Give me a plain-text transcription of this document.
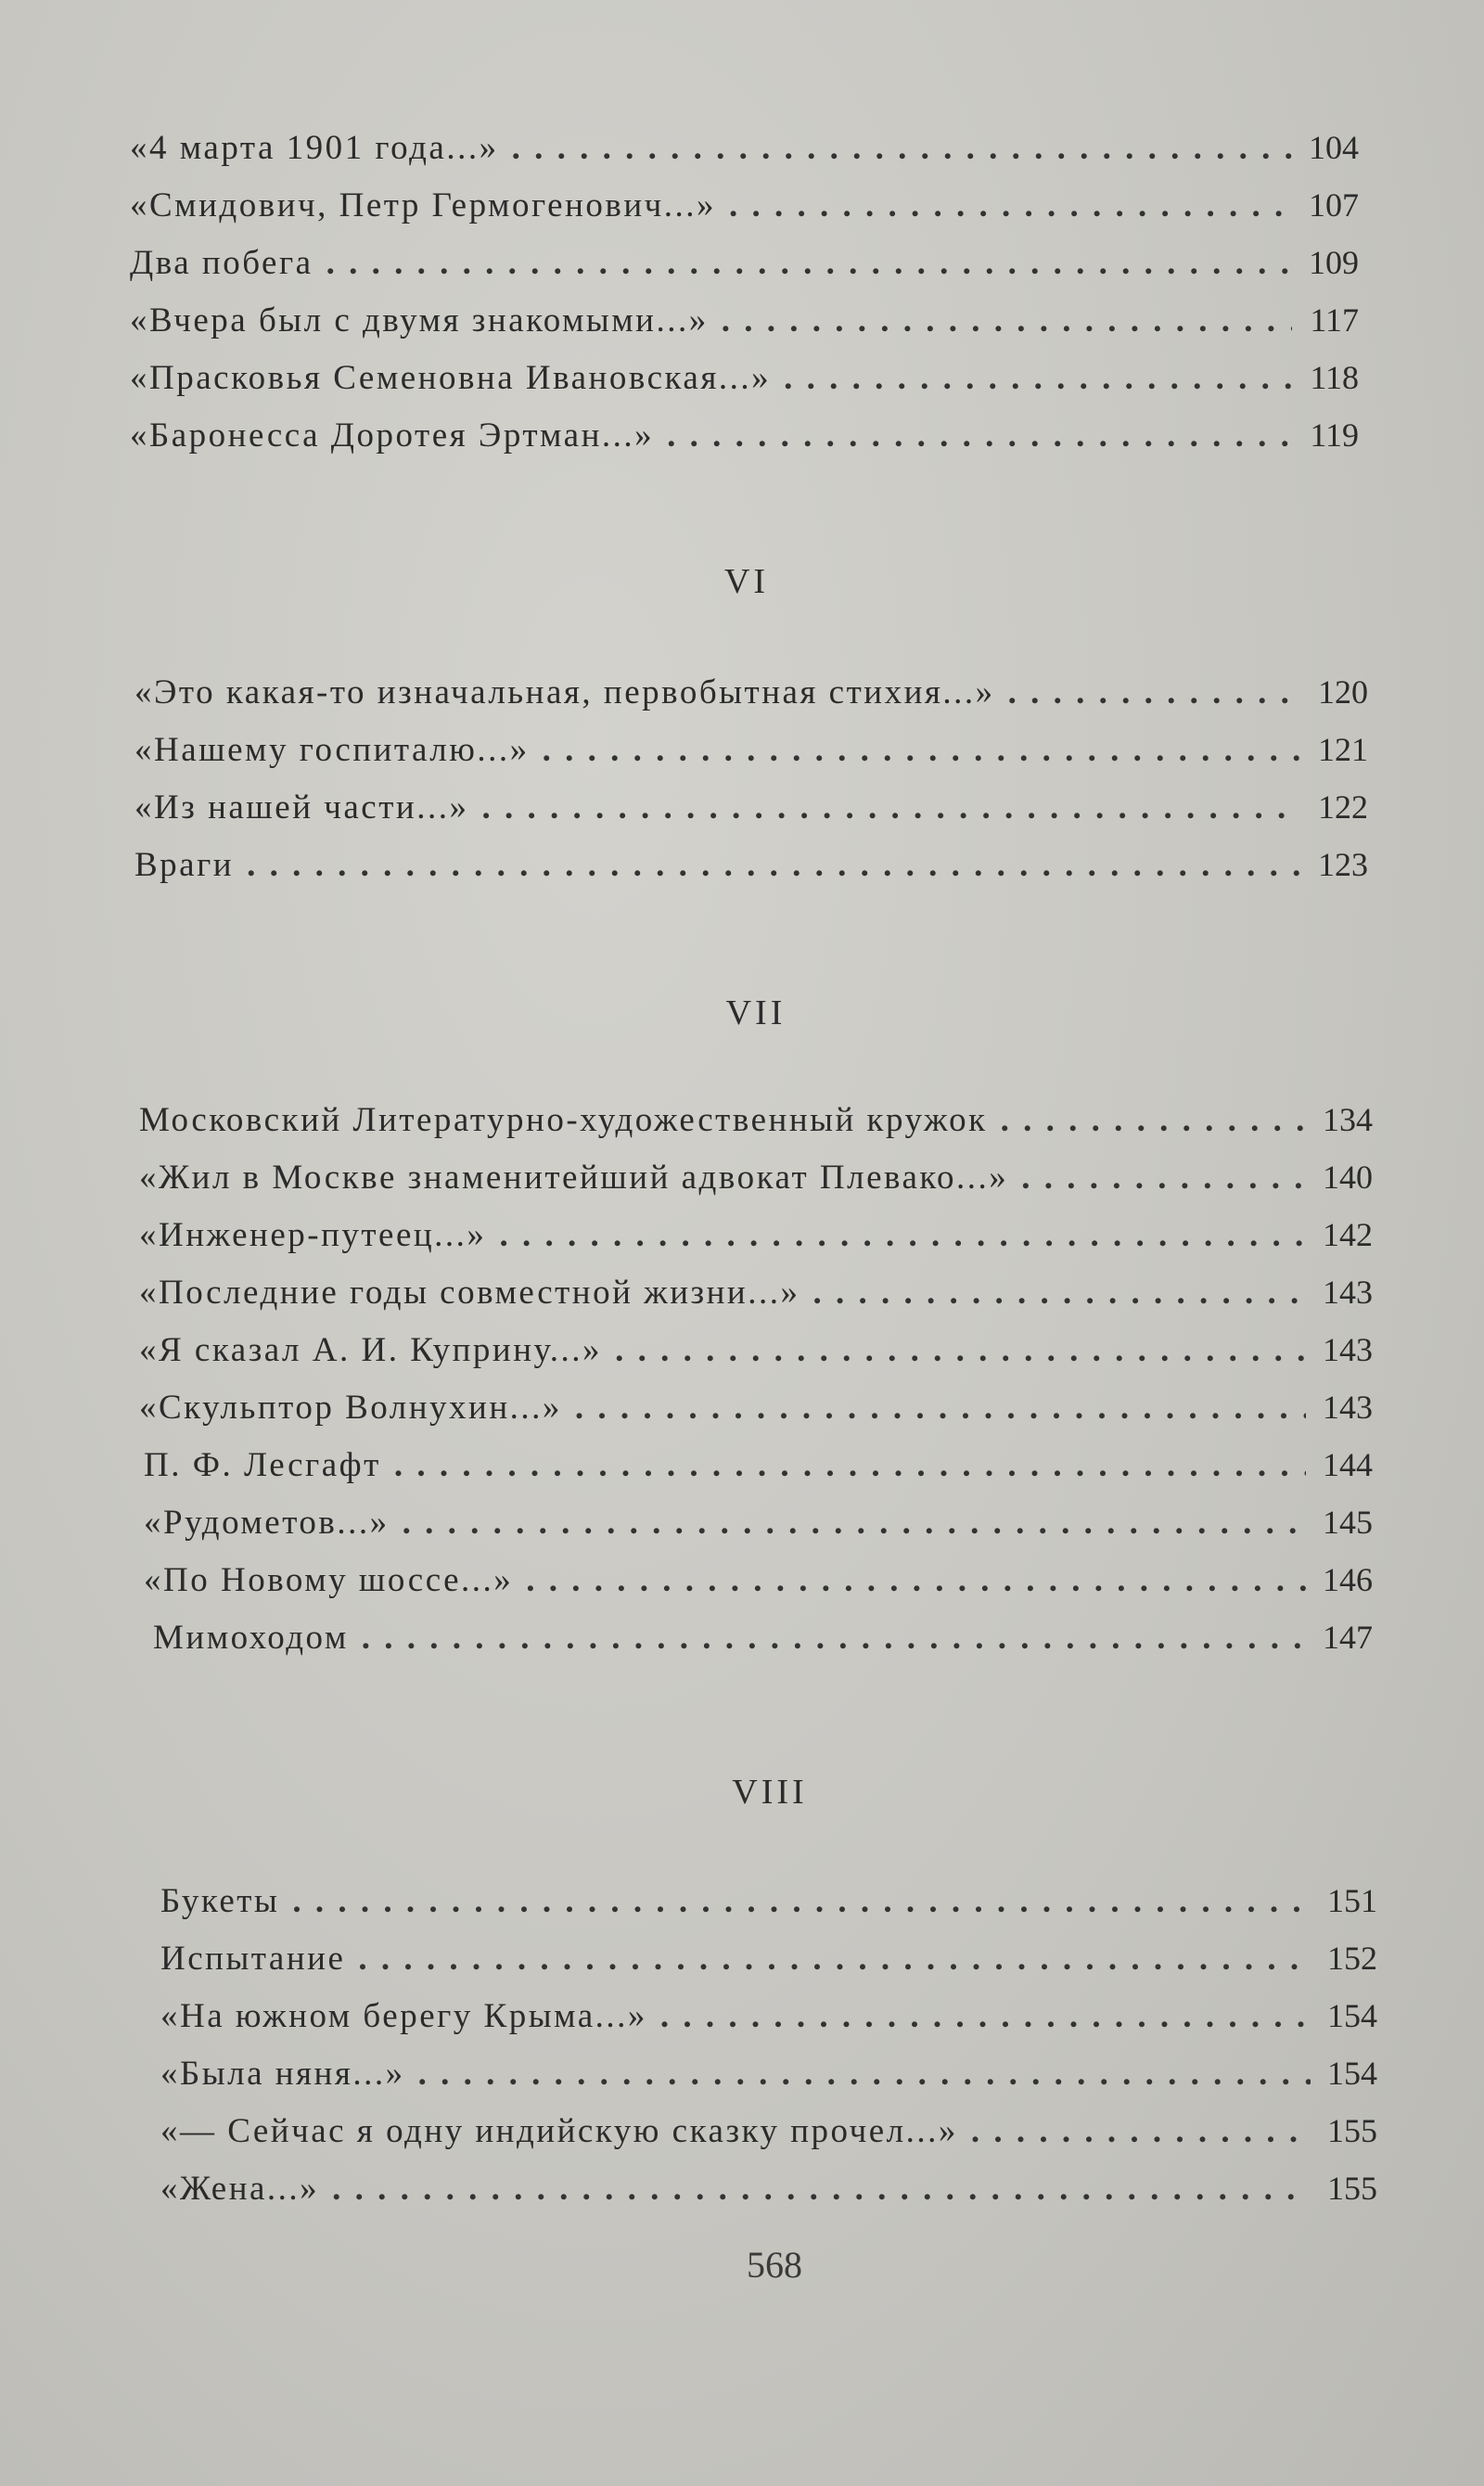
«4 марта 1901 года...» . . .	104
«Смидович, Петр Гермогенович...» . . .	107
Два побега . . .	109
«Вчера был с двумя знакомыми...» . . .	117
«Прасковья Семеновна Ивановская...» . . .	118
«Баронесса Доротея Эртман...» . . .	119
VI
«Это какая-то изначальная, первобытная стихия...» . . .	120
«Нашему госпиталю...» . . .	121
«Из нашей части...» . . .	122
Враги . . .	123
VII
Московский Литературно-художественный кружок . . .	134
«Жил в Москве знаменитейший адвокат Плевако...» . . .	140
«Инженер-путеец...» . . .	142
«Последние годы совместной жизни...» . . .	143
«Я сказал А. И. Куприну...» . . .	143
«Скульптор Волнухин...» . . .	143
П. Ф. Лесгафт . . .	144
«Рудометов...» . . .	145
«По Новому шоссе...» . . .	146
Мимоходом . . .	147
VIII
Букеты . . .	151
Испытание . . .	152
«На южном берегу Крыма...» . . .	154
«Была няня...» . . .	154
«— Сейчас я одну индийскую сказку прочел...» . . .	155
«Жена...» . . .	155
568
